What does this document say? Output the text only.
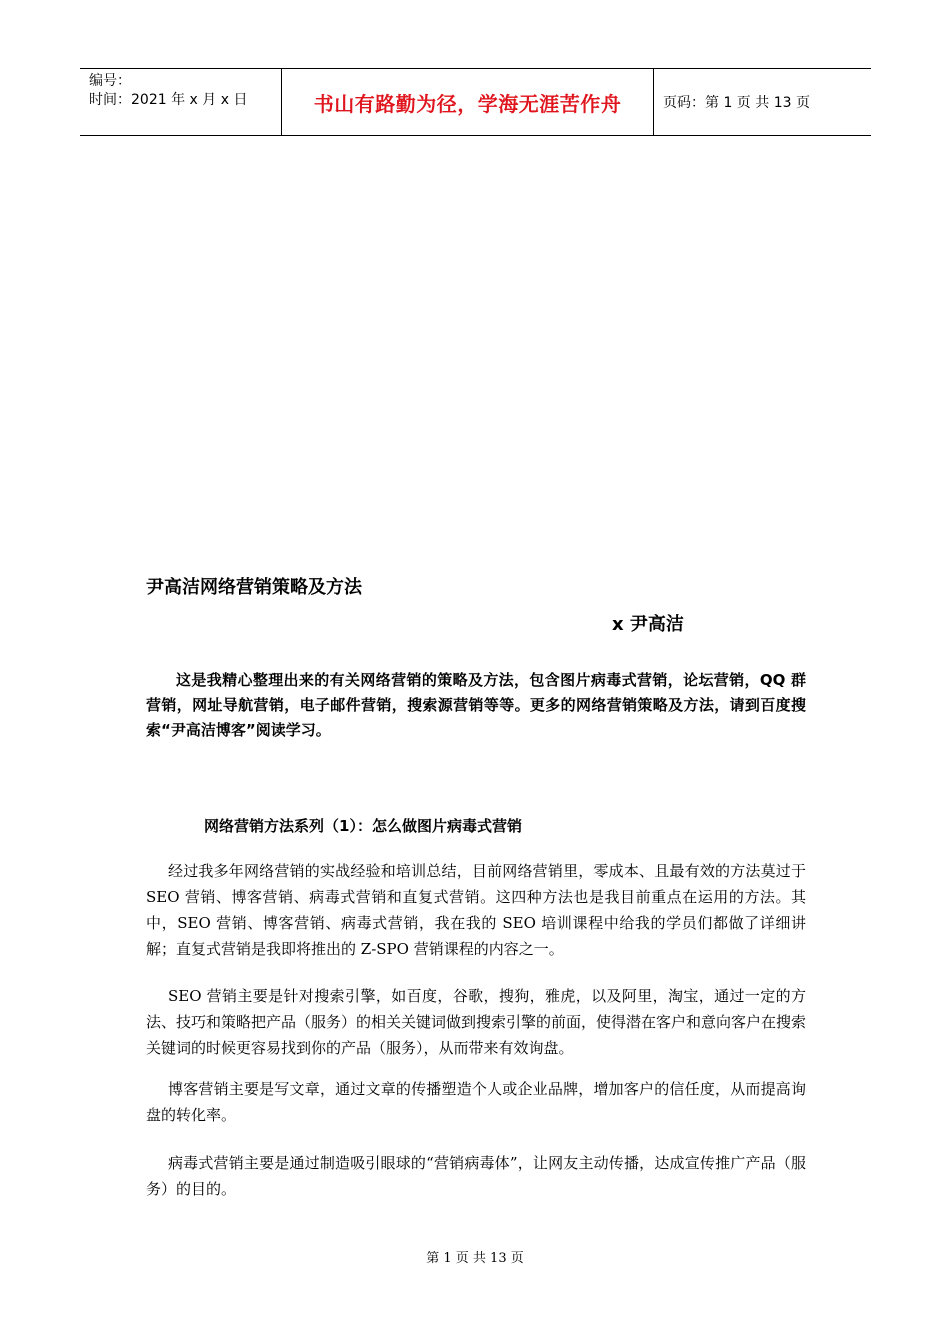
编号：
时间：2021 年 x 月 x 日	书山有路勤为径，学海无涯苦作舟	页码：第 1 页 共 13 页
尹高洁网络营销策略及方法
x 尹高洁
这是我精心整理出来的有关网络营销的策略及方法，包含图片病毒式营销，论坛营销，QQ 群营销，网址导航营销，电子邮件营销，搜索源营销等等。更多的网络营销策略及方法，请到百度搜索“尹高洁博客”阅读学习。
网络营销方法系列（1）：怎么做图片病毒式营销
经过我多年网络营销的实战经验和培训总结，目前网络营销里，零成本、且最有效的方法莫过于 SEO 营销、博客营销、病毒式营销和直复式营销。这四种方法也是我目前重点在运用的方法。其中，SEO 营销、博客营销、病毒式营销，我在我的 SEO 培训课程中给我的学员们都做了详细讲解；直复式营销是我即将推出的 Z-SPO 营销课程的内容之一。
SEO 营销主要是针对搜索引擎，如百度，谷歌，搜狗，雅虎，以及阿里，淘宝，通过一定的方法、技巧和策略把产品（服务）的相关关键词做到搜索引擎的前面，使得潜在客户和意向客户在搜索关键词的时候更容易找到你的产品（服务），从而带来有效询盘。
博客营销主要是写文章，通过文章的传播塑造个人或企业品牌，增加客户的信任度，从而提高询盘的转化率。
病毒式营销主要是通过制造吸引眼球的“营销病毒体”，让网友主动传播，达成宣传推广产品（服务）的目的。
第 1 页 共 13 页
